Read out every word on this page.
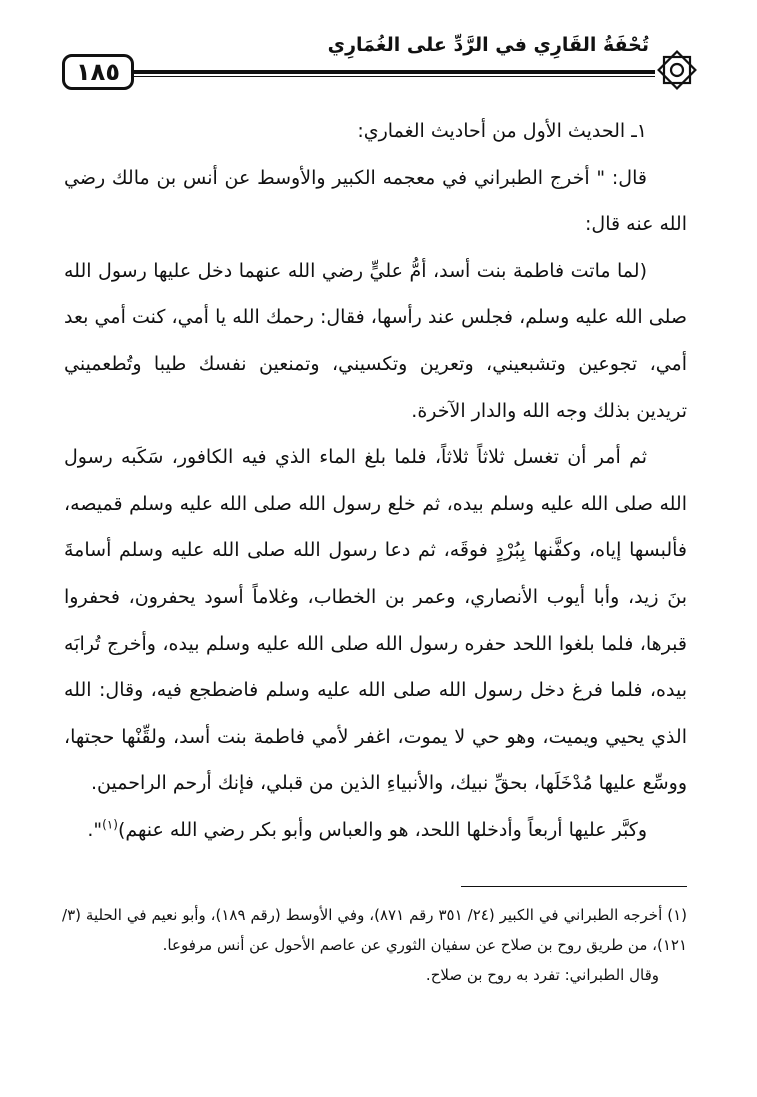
١٨٥
تُحْفَةُ القَارِي في الرَّدِّ على الغُمَارِي

١ـ الحديث الأول من أحاديث الغماري:

قال: " أخرج الطبراني في معجمه الكبير والأوسط عن أنس بن مالك رضي الله عنه قال:

(لما ماتت فاطمة بنت أسد، أمُّ عليٍّ رضي الله عنهما دخل عليها رسول الله صلى الله عليه وسلم، فجلس عند رأسها، فقال: رحمك الله يا أمي، كنت أمي بعد أمي، تجوعين وتشبعيني، وتعرين وتكسيني، وتمنعين نفسك طيبا وتُطعميني تريدين بذلك وجه الله والدار الآخرة.

ثم أمر أن تغسل ثلاثاً ثلاثاً، فلما بلغ الماء الذي فيه الكافور، سَكَبه رسول الله صلى الله عليه وسلم بيده، ثم خلع رسول الله صلى الله عليه وسلم قميصه، فألبسها إياه، وكفَّنها بِبُرْدٍ فوقَه، ثم دعا رسول الله صلى الله عليه وسلم أسامةَ بنَ زيد، وأبا أيوب الأنصاري، وعمر بن الخطاب، وغلاماً أسود يحفرون، فحفروا قبرها، فلما بلغوا اللحد حفره رسول الله صلى الله عليه وسلم بيده، وأخرج تُرابَه بيده، فلما فرغ دخل رسول الله صلى الله عليه وسلم فاضطجع فيه، وقال: الله الذي يحيي ويميت، وهو حي لا يموت، اغفر لأمي فاطمة بنت أسد، ولقِّنْها حجتها، ووسِّع عليها مُدْخَلَها، بحقِّ نبيك، والأنبياءِ الذين من قبلي، فإنك أرحم الراحمين.

وكبَّر عليها أربعاً وأدخلها اللحد، هو والعباس وأبو بكر رضي الله عنهم)$^{(١)}$".

(١) أخرجه الطبراني في الكبير (٢٤/ ٣٥١ رقم ٨٧١)، وفي الأوسط (رقم ١٨٩)، وأبو نعيم في الحلية (٣/ ١٢١)، من طريق روح بن صلاح عن سفيان الثوري عن عاصم الأحول عن أنس مرفوعا.

وقال الطبراني: تفرد به روح بن صلاح.
